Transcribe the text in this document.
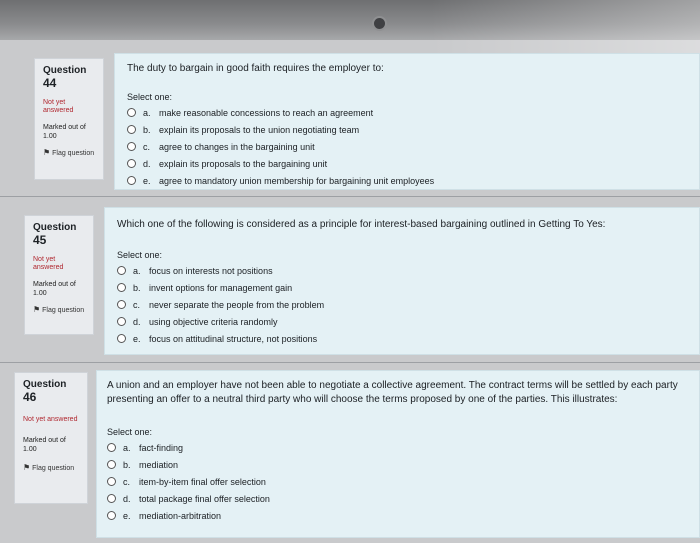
Question 44
Not yet answered
Marked out of
1.00
⚑ Flag question
The duty to bargain in good faith requires the employer to:
Select one:
a. make reasonable concessions to reach an agreement
b. explain its proposals to the union negotiating team
c. agree to changes in the bargaining unit
d. explain its proposals to the bargaining unit
e. agree to mandatory union membership for bargaining unit employees
Question 45
Not yet answered
Marked out of
1.00
⚑ Flag question
Which one of the following is considered as a principle for interest-based bargaining outlined in Getting To Yes:
Select one:
a. focus on interests not positions
b. invent options for management gain
c. never separate the people from the problem
d. using objective criteria randomly
e. focus on attitudinal structure, not positions
Question 46
Not yet answered
Marked out of
1.00
⚑ Flag question
A union and an employer have not been able to negotiate a collective agreement. The contract terms will be settled by each party presenting an offer to a neutral third party who will choose the terms proposed by one of the parties. This illustrates:
Select one:
a. fact-finding
b. mediation
c. item-by-item final offer selection
d. total package final offer selection
e. mediation-arbitration
